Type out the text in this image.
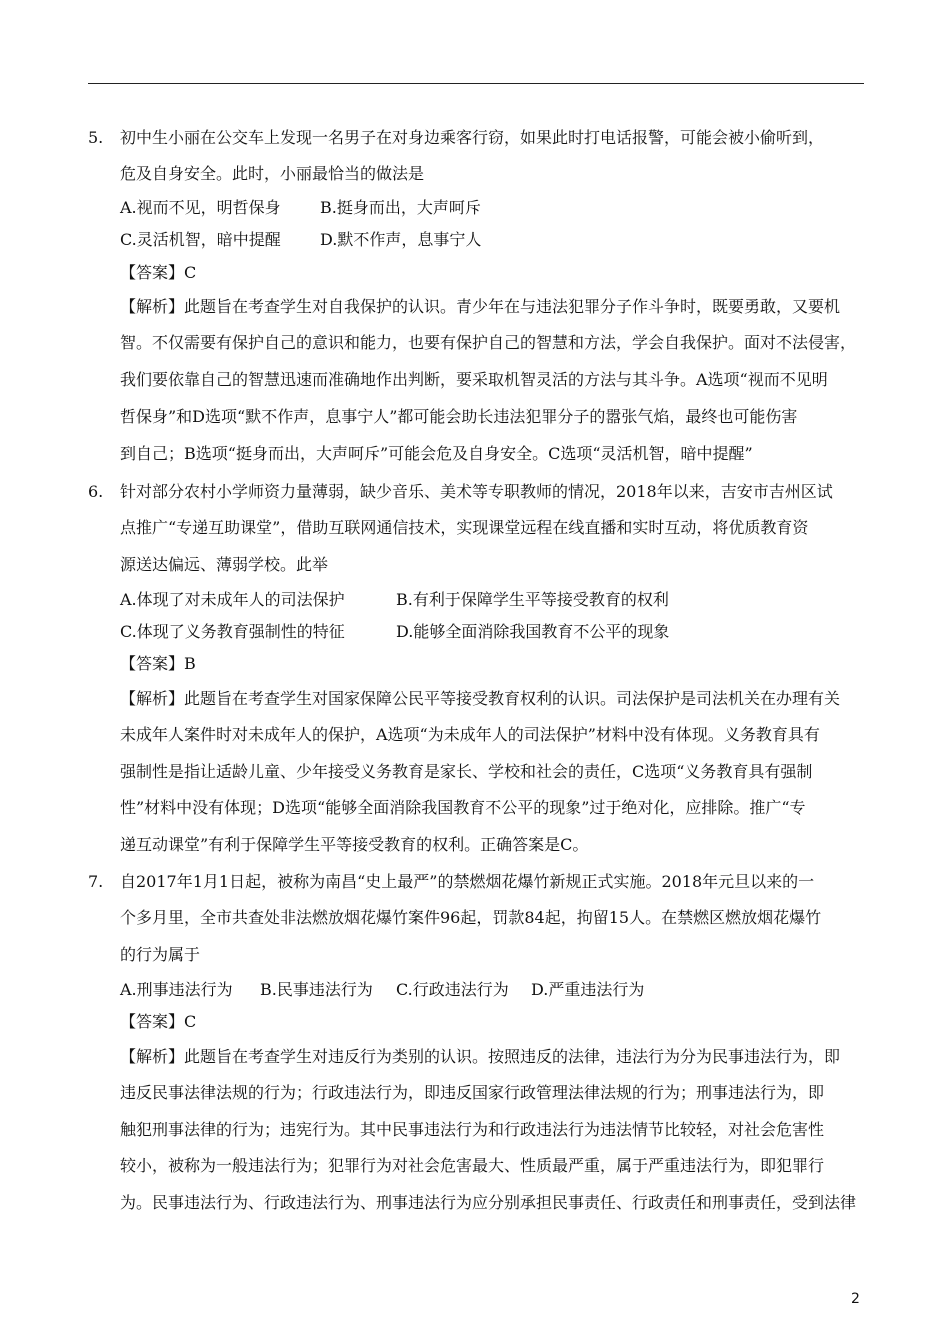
5. 初中生小丽在公交车上发现一名男子在对身边乘客行窃，如果此时打电话报警，可能会被小偷听到，
危及自身安全。此时，小丽最恰当的做法是
A.视而不见，明哲保身 B.挺身而出，大声呵斥
C.灵活机智，暗中提醒 D.默不作声，息事宁人
【答案】C
【解析】此题旨在考查学生对自我保护的认识。青少年在与违法犯罪分子作斗争时，既要勇敢，又要机
智。不仅需要有保护自己的意识和能力，也要有保护自己的智慧和方法，学会自我保护。面对不法侵害，
我们要依靠自己的智慧迅速而准确地作出判断，要采取机智灵活的方法与其斗争。A选项“视而不见明
哲保身”和D选项“默不作声，息事宁人”都可能会助长违法犯罪分子的嚣张气焰，最终也可能伤害
到自己；B选项“挺身而出，大声呵斥”可能会危及自身安全。C选项“灵活机智，暗中提醒”
6. 针对部分农村小学师资力量薄弱，缺少音乐、美术等专职教师的情况，2018年以来，吉安市吉州区试
点推广“专递互助课堂”，借助互联网通信技术，实现课堂远程在线直播和实时互动，将优质教育资
源送达偏远、薄弱学校。此举
A.体现了对未成年人的司法保护	B.有利于保障学生平等接受教育的权利
C.体现了义务教育强制性的特征	D.能够全面消除我国教育不公平的现象
【答案】B
【解析】此题旨在考查学生对国家保障公民平等接受教育权利的认识。司法保护是司法机关在办理有关
未成年人案件时对未成年人的保护，A选项“为未成年人的司法保护”材料中没有体现。义务教育具有
强制性是指让适龄儿童、少年接受义务教育是家长、学校和社会的责任，C选项“义务教育具有强制
性”材料中没有体现；D选项“能够全面消除我国教育不公平的现象”过于绝对化，应排除。推广“专
递互动课堂”有利于保障学生平等接受教育的权利。正确答案是C。
7. 自2017年1月1日起，被称为南昌“史上最严”的禁燃烟花爆竹新规正式实施。2018年元旦以来的一
个多月里，全市共查处非法燃放烟花爆竹案件96起，罚款84起，拘留15人。在禁燃区燃放烟花爆竹
的行为属于
A.刑事违法行为 B.民事违法行为 C.行政违法行为 D.严重违法行为
【答案】C
【解析】此题旨在考查学生对违反行为类别的认识。按照违反的法律，违法行为分为民事违法行为，即
违反民事法律法规的行为；行政违法行为，即违反国家行政管理法律法规的行为；刑事违法行为，即
触犯刑事法律的行为；违宪行为。其中民事违法行为和行政违法行为违法情节比较轻，对社会危害性
较小，被称为一般违法行为；犯罪行为对社会危害最大、性质最严重，属于严重违法行为，即犯罪行
为。民事违法行为、行政违法行为、刑事违法行为应分别承担民事责任、行政责任和刑事责任，受到法律
2
